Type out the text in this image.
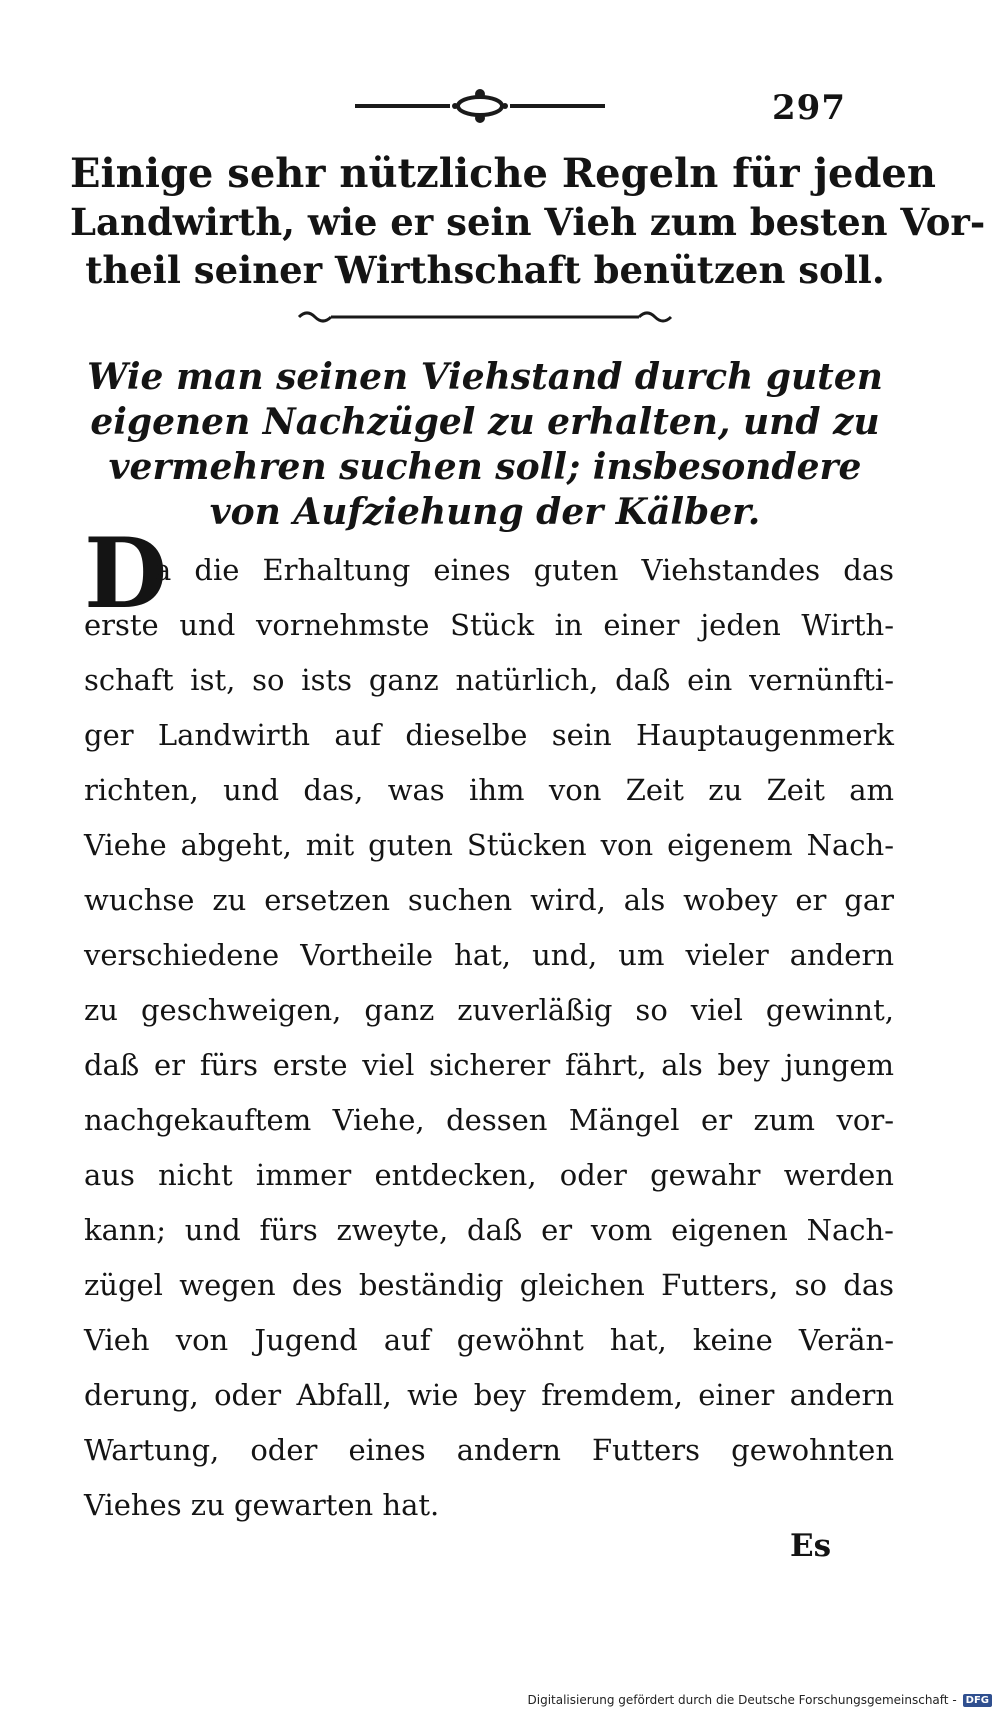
297
Einige sehr nützliche Regeln für jeden
Landwirth, wie er sein Vieh zum besten Vor-
theil seiner Wirthschaft benützen soll.
Wie man seinen Viehstand durch guten
eigenen Nachzügel zu erhalten, und zu
vermehren suchen soll; insbesondere
von Aufziehung der Kälber.
D
a die Erhaltung eines guten Viehstandes das
erste und vornehmste Stück in einer jeden Wirth-
schaft ist, so ists ganz natürlich, daß ein vernünfti-
ger Landwirth auf dieselbe sein Hauptaugenmerk
richten, und das, was ihm von Zeit zu Zeit am
Viehe abgeht, mit guten Stücken von eigenem Nach-
wuchse zu ersetzen suchen wird, als wobey er gar
verschiedene Vortheile hat, und, um vieler andern
zu geschweigen, ganz zuverläßig so viel gewinnt,
daß er fürs erste viel sicherer fährt, als bey jungem
nachgekauftem Viehe, dessen Mängel er zum vor-
aus nicht immer entdecken, oder gewahr werden
kann; und fürs zweyte, daß er vom eigenen Nach-
zügel wegen des beständig gleichen Futters, so das
Vieh von Jugend auf gewöhnt hat, keine Verän-
derung, oder Abfall, wie bey fremdem, einer andern
Wartung, oder eines andern Futters gewohnten
Viehes zu gewarten hat.
Es
Digitalisierung gefördert durch die Deutsche Forschungsgemeinschaft - DFG
